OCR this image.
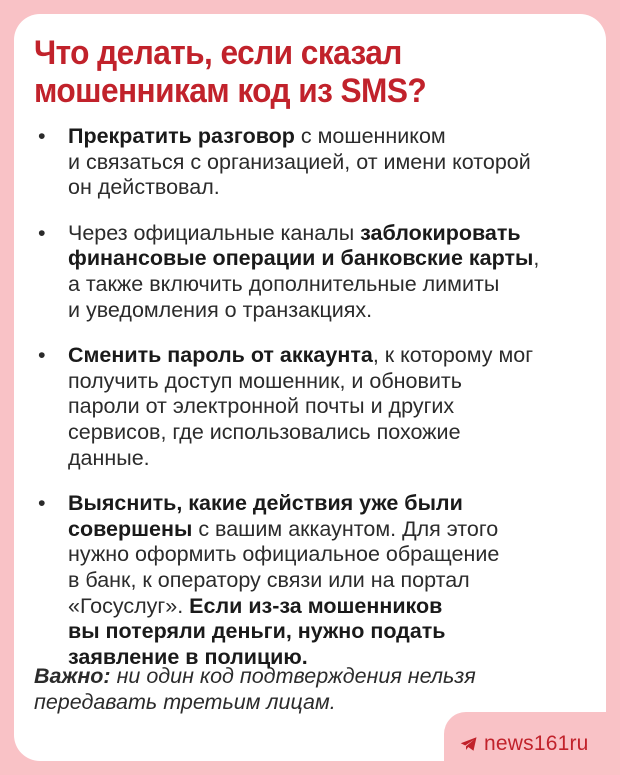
Что делать, если сказал
мошенникам код из SMS?
• Прекратить разговор с мошенником
и связаться с организацией, от имени которой
он действовал.
• Через официальные каналы заблокировать
финансовые операции и банковские карты,
а также включить дополнительные лимиты
и уведомления о транзакциях.
• Сменить пароль от аккаунта, к которому мог
получить доступ мошенник, и обновить
пароли от электронной почты и других
сервисов, где использовались похожие
данные.
• Выяснить, какие действия уже были
совершены с вашим аккаунтом. Для этого
нужно оформить официальное обращение
в банк, к оператору связи или на портал
«Госуслуг». Если из-за мошенников
вы потеряли деньги, нужно подать
заявление в полицию.
Важно: ни один код подтверждения нельзя
передавать третьим лицам.
news161ru
